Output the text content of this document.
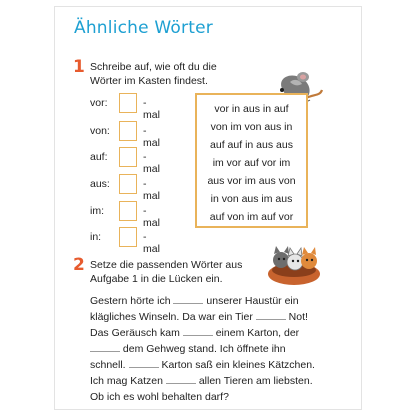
Ähnliche Wörter
1 Schreibe auf, wie oft du die
Wörter im Kasten findest.
vor:	-mal
von:	-mal
auf:	-mal
aus:	-mal
im:	-mal
in:	-mal
vor in aus in auf
von im von aus in
auf auf in aus aus
im vor auf vor im
aus vor im aus von
in von aus im aus
auf von im auf vor
2 Setze die passenden Wörter aus
Aufgabe 1 in die Lücken ein.
Gestern hörte ich	unserer Haustür ein
klägliches Winseln. Da war ein Tier	Not!
Das Geräusch kam	einem Karton, der
dem Gehweg stand. Ich öffnete ihn
schnell.	Karton saß ein kleines Kätzchen.
Ich mag Katzen	allen Tieren am liebsten.
Ob ich es wohl behalten darf?
